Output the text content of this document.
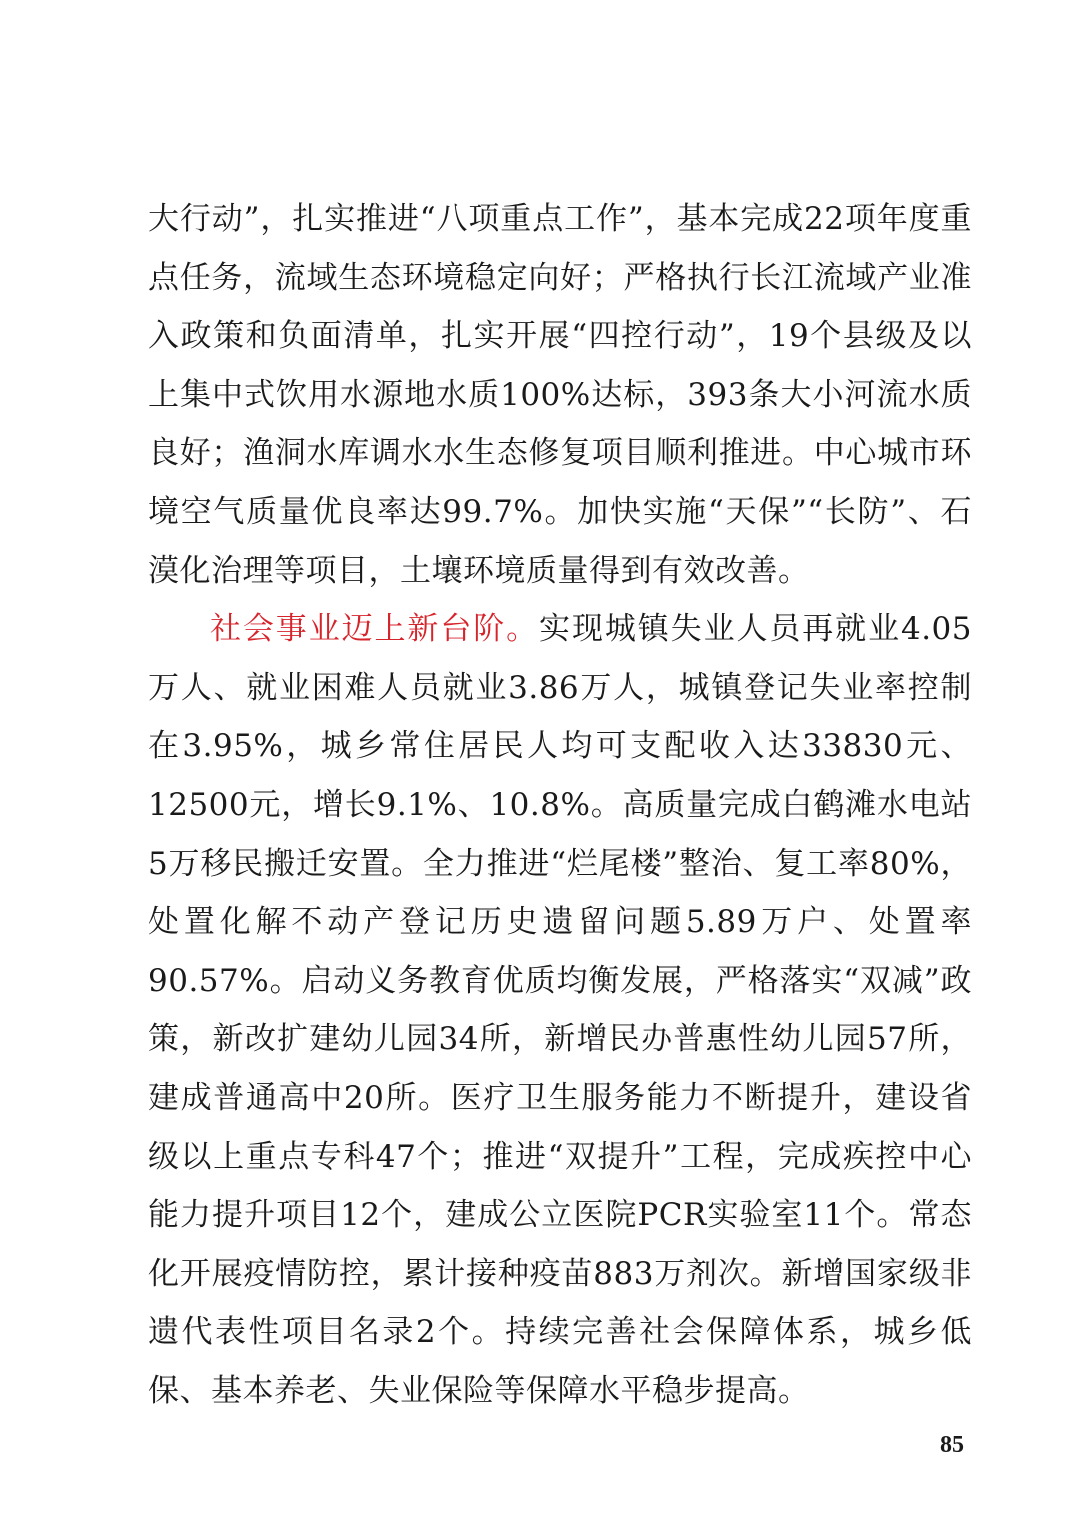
大行动”，扎实推进“八项重点工作”，基本完成22项年度重点任务，流域生态环境稳定向好；严格执行长江流域产业准入政策和负面清单，扎实开展“四控行动”，19个县级及以上集中式饮用水源地水质100%达标，393条大小河流水质良好；渔洞水库调水水生态修复项目顺利推进。中心城市环境空气质量优良率达99.7%。加快实施“天保”“长防”、石漠化治理等项目，土壤环境质量得到有效改善。

社会事业迈上新台阶。实现城镇失业人员再就业4.05万人、就业困难人员就业3.86万人，城镇登记失业率控制在3.95%，城乡常住居民人均可支配收入达33830元、12500元，增长9.1%、10.8%。高质量完成白鹤滩水电站5万移民搬迁安置。全力推进“烂尾楼”整治、复工率80%，处置化解不动产登记历史遗留问题5.89万户、处置率90.57%。启动义务教育优质均衡发展，严格落实“双减”政策，新改扩建幼儿园34所，新增民办普惠性幼儿园57所，建成普通高中20所。医疗卫生服务能力不断提升，建设省级以上重点专科47个；推进“双提升”工程，完成疾控中心能力提升项目12个，建成公立医院PCR实验室11个。常态化开展疫情防控，累计接种疫苗883万剂次。新增国家级非遗代表性项目名录2个。持续完善社会保障体系，城乡低保、基本养老、失业保险等保障水平稳步提高。

85
